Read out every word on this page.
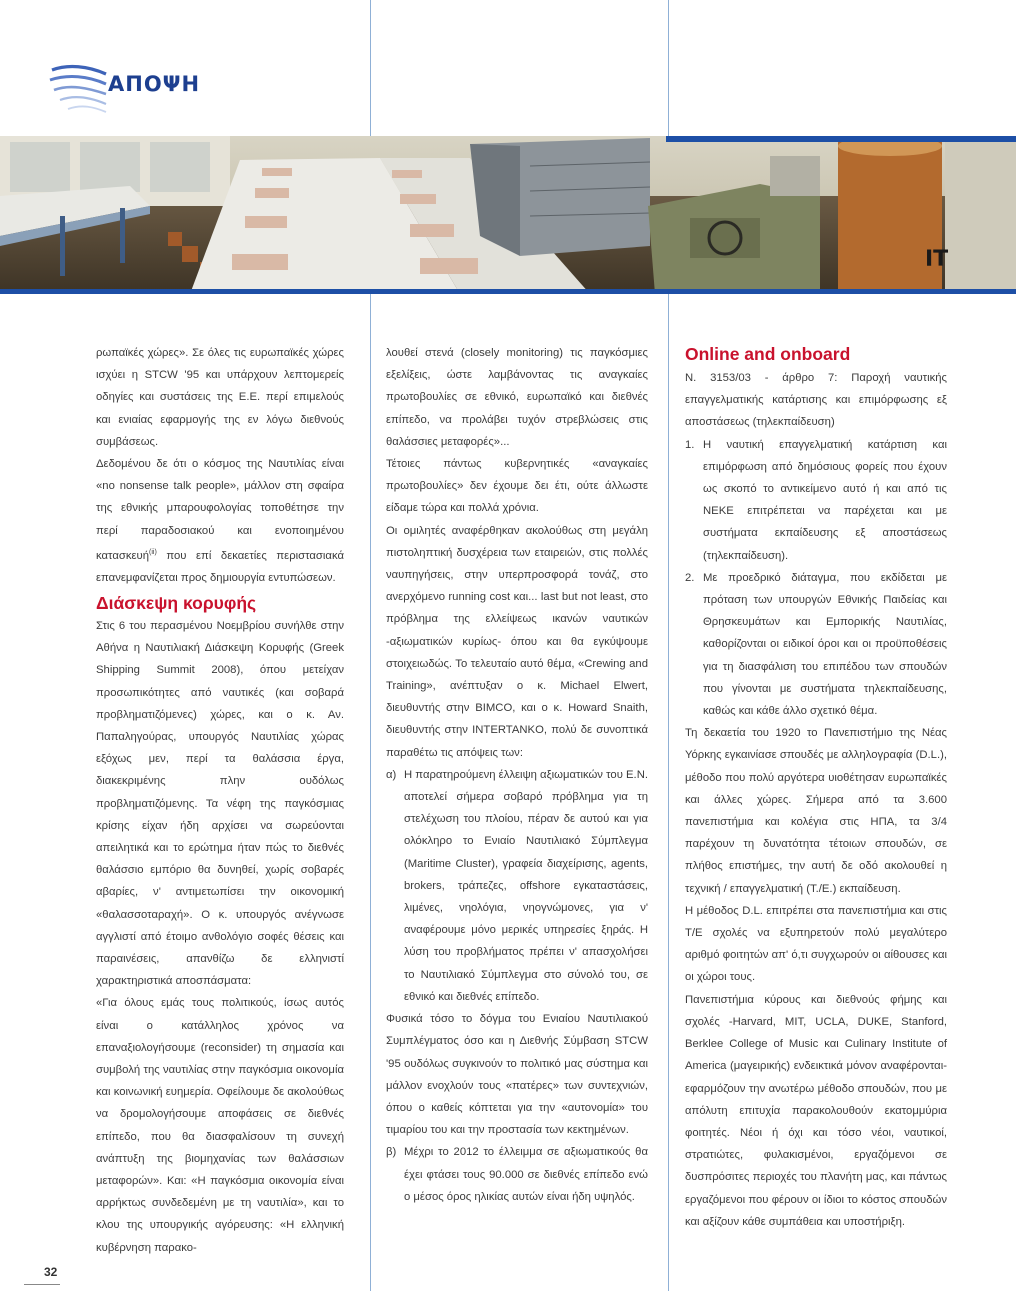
ΑΠΟΨΗ
ΙΤ

ρωπαϊκές χώρες». Σε όλες τις ευρωπαϊκές χώρες ισχύει η STCW '95 και υπάρχουν λεπτομερείς οδηγίες και συστάσεις της Ε.Ε. περί επιμελούς και ενιαίας εφαρμογής της εν λόγω διεθνούς συμβάσεως.

Δεδομένου δε ότι ο κόσμος της Ναυτιλίας είναι «no nonsense talk people», μάλλον στη σφαίρα της εθνικής μπαρουφολογίας τοποθέτησε την περί παραδοσιακού και ενοποιημένου κατασκευή$^{(ii)}$ που επί δεκαετίες περιστασιακά επανεμφανίζεται προς δημιουργία εντυπώσεων.

Διάσκεψη κορυφής

Στις 6 του περασμένου Νοεμβρίου συνήλθε στην Αθήνα η Ναυτιλιακή Διάσκεψη Κορυφής (Greek Shipping Summit 2008), όπου μετείχαν προσωπικότητες από ναυτικές (και σοβαρά προβληματιζόμενες) χώρες, και ο κ. Αν. Παπαληγούρας, υπουργός Ναυτιλίας χώρας εξόχως μεν, περί τα θαλάσσια έργα, διακεκριμένης πλην ουδόλως προβληματιζόμενης. Τα νέφη της παγκόσμιας κρίσης είχαν ήδη αρχίσει να σωρεύονται απειλητικά και το ερώτημα ήταν πώς το διεθνές θαλάσσιο εμπόριο θα δυνηθεί, χωρίς σοβαρές αβαρίες, ν' αντιμετωπίσει την οικονομική «θαλασσοταραχή». Ο κ. υπουργός ανέγνωσε αγγλιστί από έτοιμο ανθολόγιο σοφές θέσεις και παραινέσεις, απανθίζω δε ελληνιστί χαρακτηριστικά αποσπάσματα:

«Για όλους εμάς τους πολιτικούς, ίσως αυτός είναι ο κατάλληλος χρόνος να επαναξιολογήσουμε (reconsider) τη σημασία και συμβολή της ναυτιλίας στην παγκόσμια οικονομία και κοινωνική ευημερία. Οφείλουμε δε ακολούθως να δρομολογήσουμε αποφάσεις σε διεθνές επίπεδο, που θα διασφαλίσουν τη συνεχή ανάπτυξη της βιομηχανίας των θαλάσσιων μεταφορών». Και: «Η παγκόσμια οικονομία είναι αρρήκτως συνδεδεμένη με τη ναυτιλία», και το κλου της υπουργικής αγόρευσης: «Η ελληνική κυβέρνηση παρακο-

λουθεί στενά (closely monitoring) τις παγκόσμιες εξελίξεις, ώστε λαμβάνοντας τις αναγκαίες πρωτοβουλίες σε εθνικό, ευρωπαϊκό και διεθνές επίπεδο, να προλάβει τυχόν στρεβλώσεις στις θαλάσσιες μεταφορές»...

Τέτοιες πάντως κυβερνητικές «αναγκαίες πρωτοβουλίες» δεν έχουμε δει έτι, ούτε άλλωστε είδαμε τώρα και πολλά χρόνια.

Οι ομιλητές αναφέρθηκαν ακολούθως στη μεγάλη πιστοληπτική δυσχέρεια των εταιρειών, στις πολλές ναυπηγήσεις, στην υπερπροσφορά τονάζ, στο ανερχόμενο running cost και... last but not least, στο πρόβλημα της ελλείψεως ικανών ναυτικών -αξιωματικών κυρίως- όπου και θα εγκύψουμε στοιχειωδώς. Το τελευταίο αυτό θέμα, «Crewing and Training», ανέπτυξαν ο κ. Michael Elwert, διευθυντής στην BIMCO, και ο κ. Howard Snaith, διευθυντής στην INTERTANKO, πολύ δε συνοπτικά παραθέτω τις απόψεις των:

α) Η παρατηρούμενη έλλειψη αξιωματικών του Ε.Ν. αποτελεί σήμερα σοβαρό πρόβλημα για τη στελέχωση του πλοίου, πέραν δε αυτού και για ολόκληρο το Ενιαίο Ναυτιλιακό Σύμπλεγμα (Maritime Cluster), γραφεία διαχείρισης, agents, brokers, τράπεζες, offshore εγκαταστάσεις, λιμένες, νηολόγια, νηογνώμονες, για ν' αναφέρουμε μόνο μερικές υπηρεσίες ξηράς. Η λύση του προβλήματος πρέπει ν' απασχολήσει το Ναυτιλιακό Σύμπλεγμα στο σύνολό του, σε εθνικό και διεθνές επίπεδο.

Φυσικά τόσο το δόγμα του Ενιαίου Ναυτιλιακού Συμπλέγματος όσο και η Διεθνής Σύμβαση STCW '95 ουδόλως συγκινούν το πολιτικό μας σύστημα και μάλλον ενοχλούν τους «πατέρες» των συντεχνιών, όπου ο καθείς κόπτεται για την «αυτονομία» του τιμαρίου του και την προστασία των κεκτημένων.

β) Μέχρι το 2012 το έλλειμμα σε αξιωματικούς θα έχει φτάσει τους 90.000 σε διεθνές επίπεδο ενώ ο μέσος όρος ηλικίας αυτών είναι ήδη υψηλός.
Online and onboard

Ν. 3153/03 - άρθρο 7: Παροχή ναυτικής επαγγελματικής κατάρτισης και επιμόρφωσης εξ αποστάσεως (τηλεκπαίδευση)

1. Η ναυτική επαγγελματική κατάρτιση και επιμόρφωση από δημόσιους φορείς που έχουν ως σκοπό το αντικείμενο αυτό ή και από τις ΝΕΚΕ επιτρέπεται να παρέχεται και με συστήματα εκπαίδευσης εξ αποστάσεως (τηλεκπαίδευση).
2. Με προεδρικό διάταγμα, που εκδίδεται με πρόταση των υπουργών Εθνικής Παιδείας και Θρησκευμάτων και Εμπορικής Ναυτιλίας, καθορίζονται οι ειδικοί όροι και οι προϋποθέσεις για τη διασφάλιση του επιπέδου των σπουδών που γίνονται με συστήματα τηλεκπαίδευσης, καθώς και κάθε άλλο σχετικό θέμα.

Τη δεκαετία του 1920 το Πανεπιστήμιο της Νέας Υόρκης εγκαινίασε σπουδές με αλληλογραφία (D.L.), μέθοδο που πολύ αργότερα υιοθέτησαν ευρωπαϊκές και άλλες χώρες. Σήμερα από τα 3.600 πανεπιστήμια και κολέγια στις ΗΠΑ, τα 3/4 παρέχουν τη δυνατότητα τέτοιων σπουδών, σε πλήθος επιστήμες, την αυτή δε οδό ακολουθεί η τεχνική / επαγγελματική (Τ./Ε.) εκπαίδευση.

Η μέθοδος D.L. επιτρέπει στα πανεπιστήμια και στις Τ/Ε σχολές να εξυπηρετούν πολύ μεγαλύτερο αριθμό φοιτητών απ' ό,τι συγχωρούν οι αίθουσες και οι χώροι τους.

Πανεπιστήμια κύρους και διεθνούς φήμης και σχολές -Harvard, MIT, UCLA, DUKE, Stanford, Berklee College of Music και Culinary Institute of America (μαγειρικής) ενδεικτικά μόνον αναφέρονται- εφαρμόζουν την ανωτέρω μέθοδο σπουδών, που με απόλυτη επιτυχία παρακολουθούν εκατομμύρια φοιτητές. Νέοι ή όχι και τόσο νέοι, ναυτικοί, στρατιώτες, φυλακισμένοι, εργαζόμενοι σε δυσπρόσιτες περιοχές του πλανήτη μας, και πάντως εργαζόμενοι που φέρουν οι ίδιοι το κόστος σπουδών και αξίζουν κάθε συμπάθεια και υποστήριξη.

32
